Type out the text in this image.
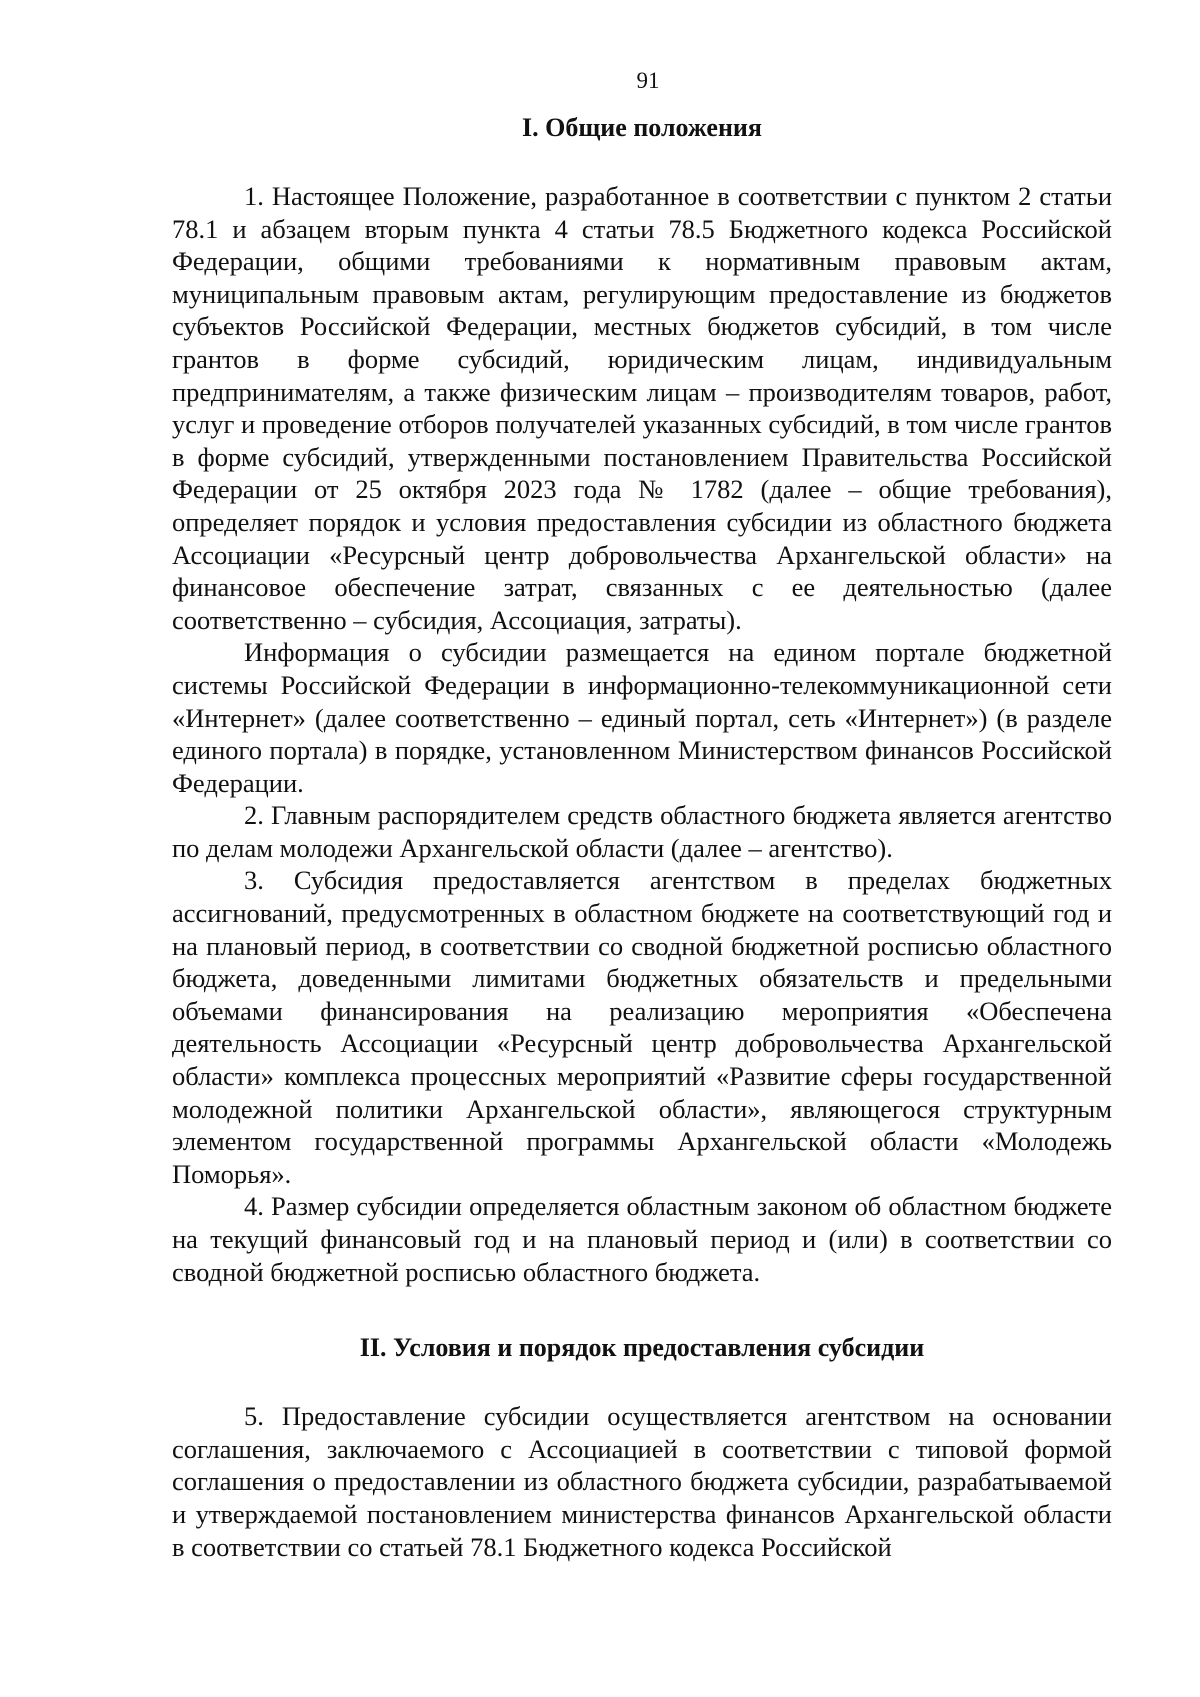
91
I. Общие положения

1. Настоящее Положение, разработанное в соответствии с пунктом 2 статьи 78.1 и абзацем вторым пункта 4 статьи 78.5 Бюджетного кодекса Российской Федерации, общими требованиями к нормативным правовым актам, муниципальным правовым актам, регулирующим предоставление из бюджетов субъектов Российской Федерации, местных бюджетов субсидий, в том числе грантов в форме субсидий, юридическим лицам, индивидуальным предпринимателям, а также физическим лицам – производителям товаров, работ, услуг и проведение отборов получателей указанных субсидий, в том числе грантов в форме субсидий, утвержденными постановлением Правительства Российской Федерации от 25 октября 2023 года № 1782 (далее – общие требования), определяет порядок и условия предоставления субсидии из областного бюджета Ассоциации «Ресурсный центр добровольчества Архангельской области» на финансовое обеспечение затрат, связанных с ее деятельностью (далее соответственно – субсидия, Ассоциация, затраты).

Информация о субсидии размещается на едином портале бюджетной системы Российской Федерации в информационно-телекоммуникационной сети «Интернет» (далее соответственно – единый портал, сеть «Интернет») (в разделе единого портала) в порядке, установленном Министерством финансов Российской Федерации.

2. Главным распорядителем средств областного бюджета является агентство по делам молодежи Архангельской области (далее – агентство).

3. Субсидия предоставляется агентством в пределах бюджетных ассигнований, предусмотренных в областном бюджете на соответствующий год и на плановый период, в соответствии со сводной бюджетной росписью областного бюджета, доведенными лимитами бюджетных обязательств и предельными объемами финансирования на реализацию мероприятия «Обеспечена деятельность Ассоциации «Ресурсный центр добровольчества Архангельской области» комплекса процессных мероприятий «Развитие сферы государственной молодежной политики Архангельской области», являющегося структурным элементом государственной программы Архангельской области «Молодежь Поморья».

4. Размер субсидии определяется областным законом об областном бюджете на текущий финансовый год и на плановый период и (или) в соответствии со сводной бюджетной росписью областного бюджета.

II. Условия и порядок предоставления субсидии

5. Предоставление субсидии осуществляется агентством на основании соглашения, заключаемого с Ассоциацией в соответствии с типовой формой соглашения о предоставлении из областного бюджета субсидии, разрабатываемой и утверждаемой постановлением министерства финансов Архангельской области в соответствии со статьей 78.1 Бюджетного кодекса Российской
